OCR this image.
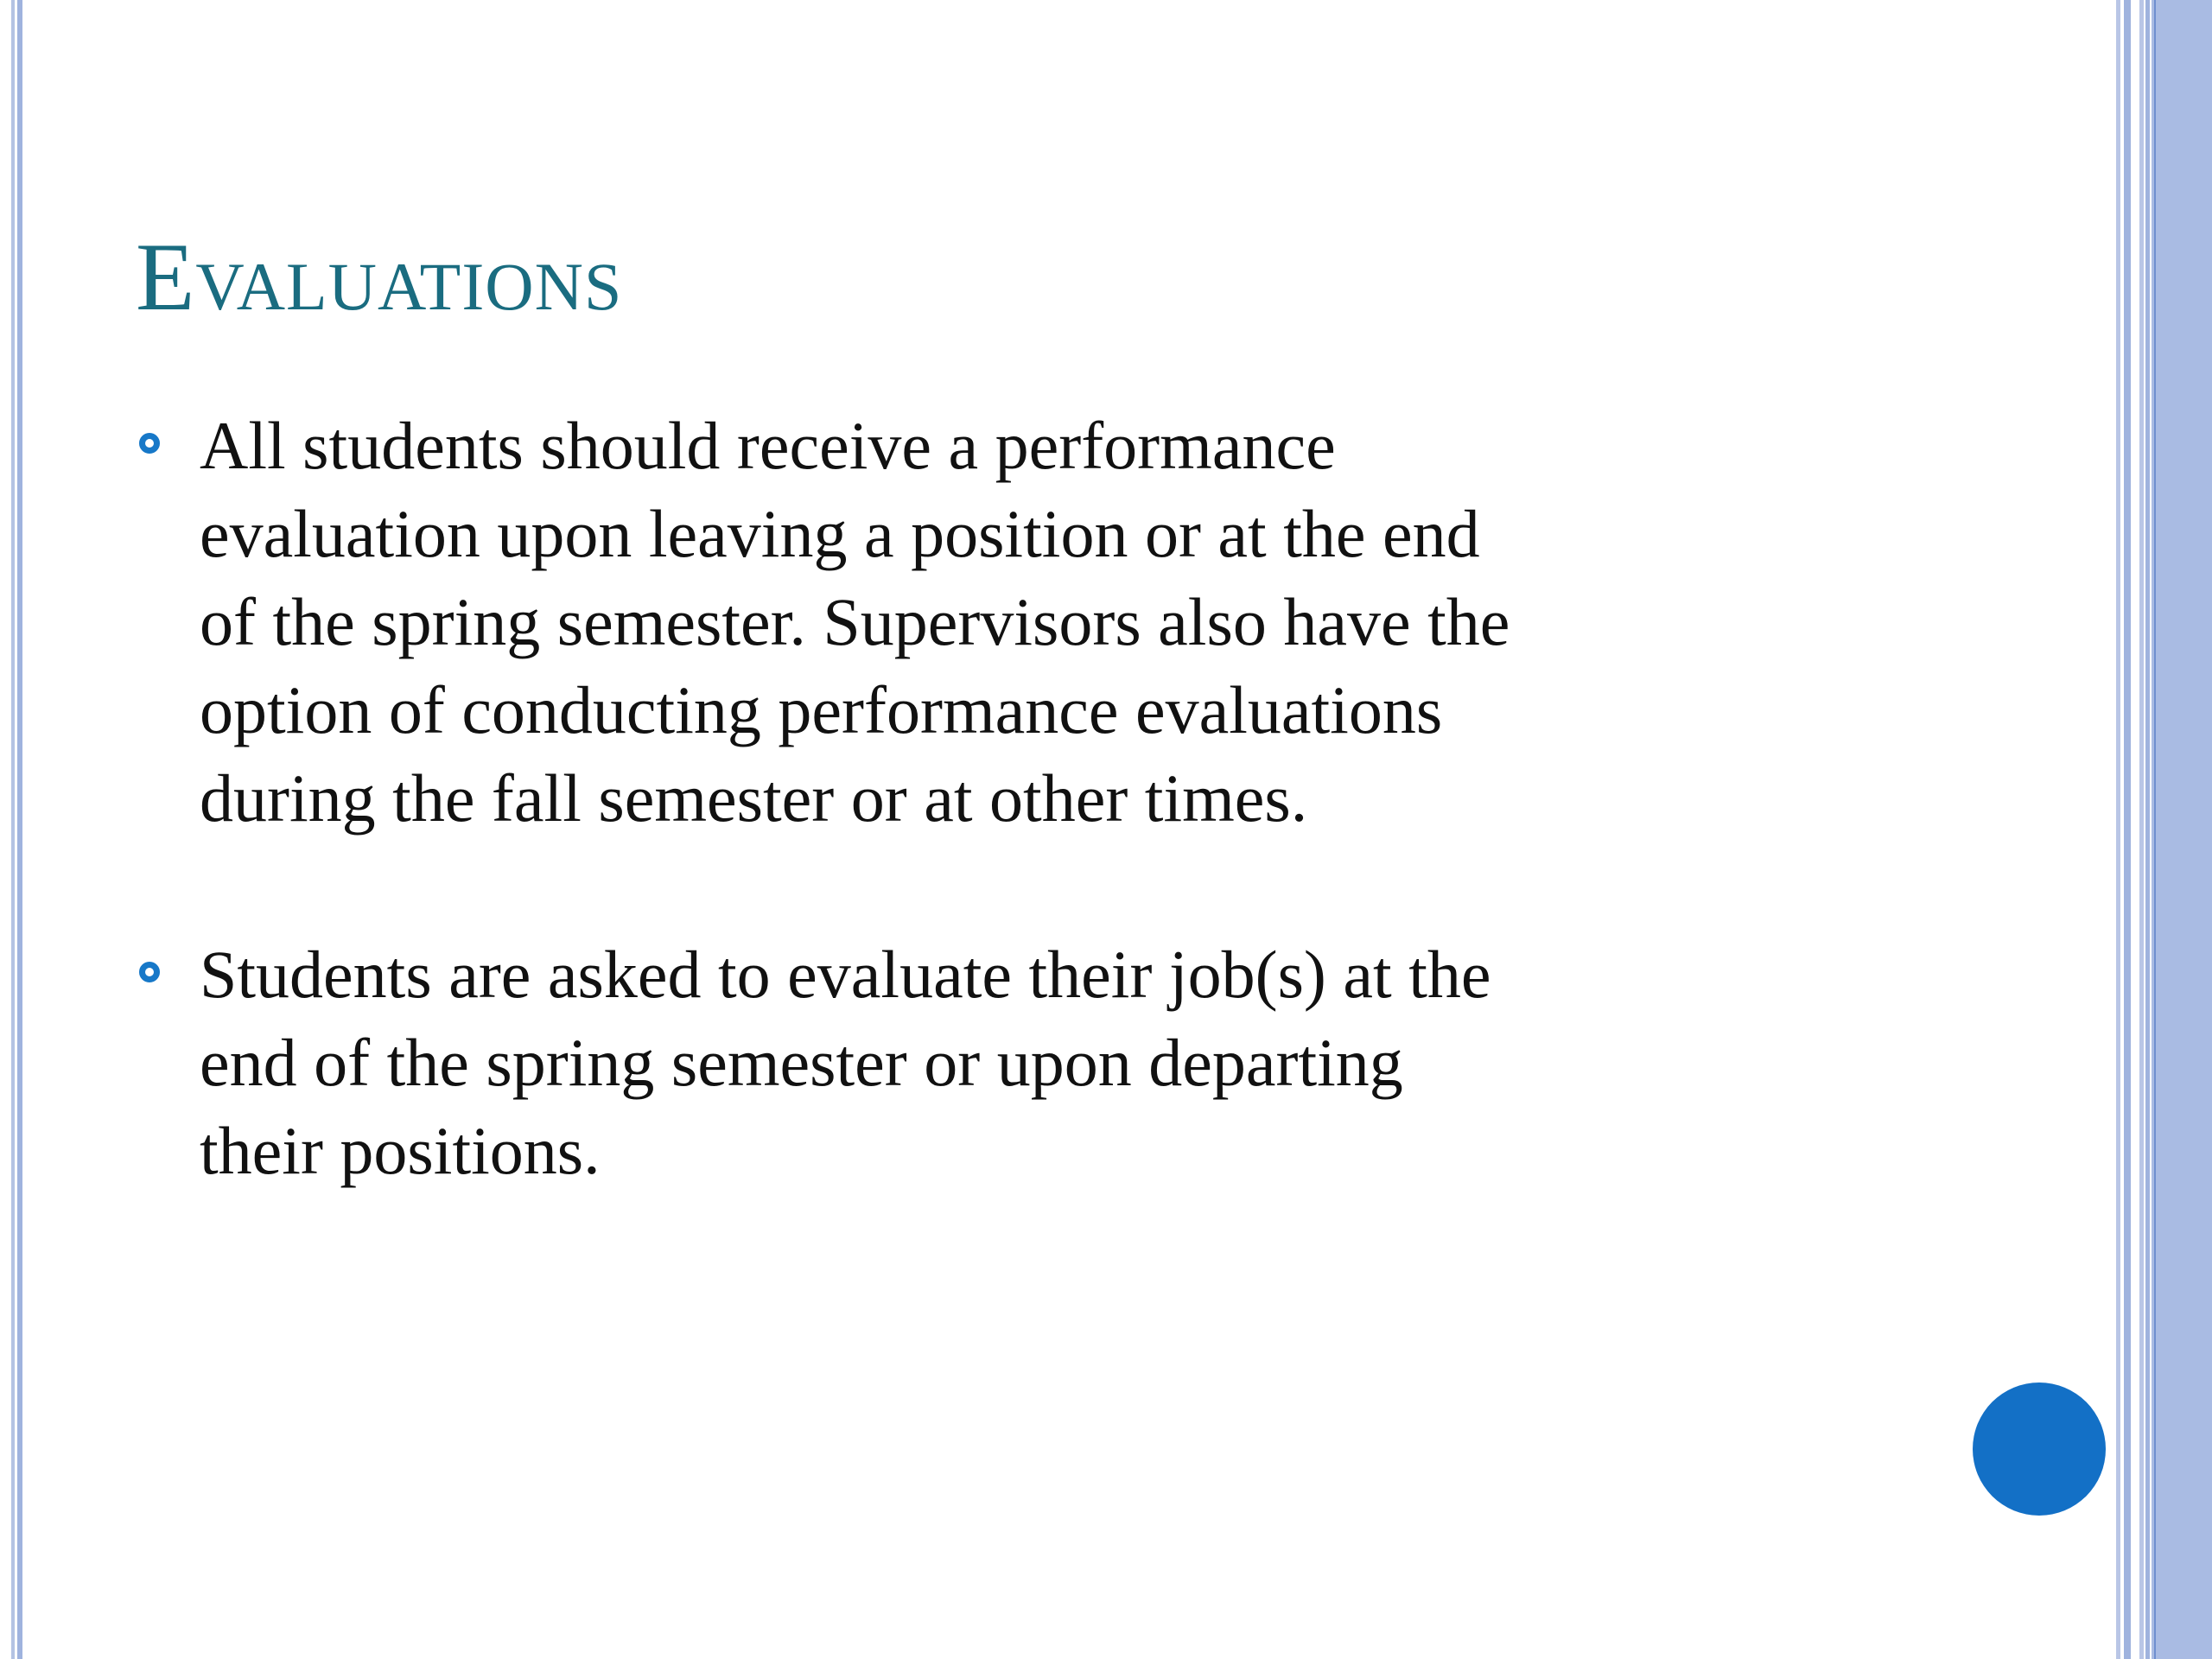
Evaluations
All students should receive a performance
evaluation upon leaving a position or at the end
of the spring semester. Supervisors also have the
option of conducting performance evaluations
during the fall semester or at other times.
Students are asked to evaluate their job(s) at the
end of the spring semester or upon departing
their positions.
